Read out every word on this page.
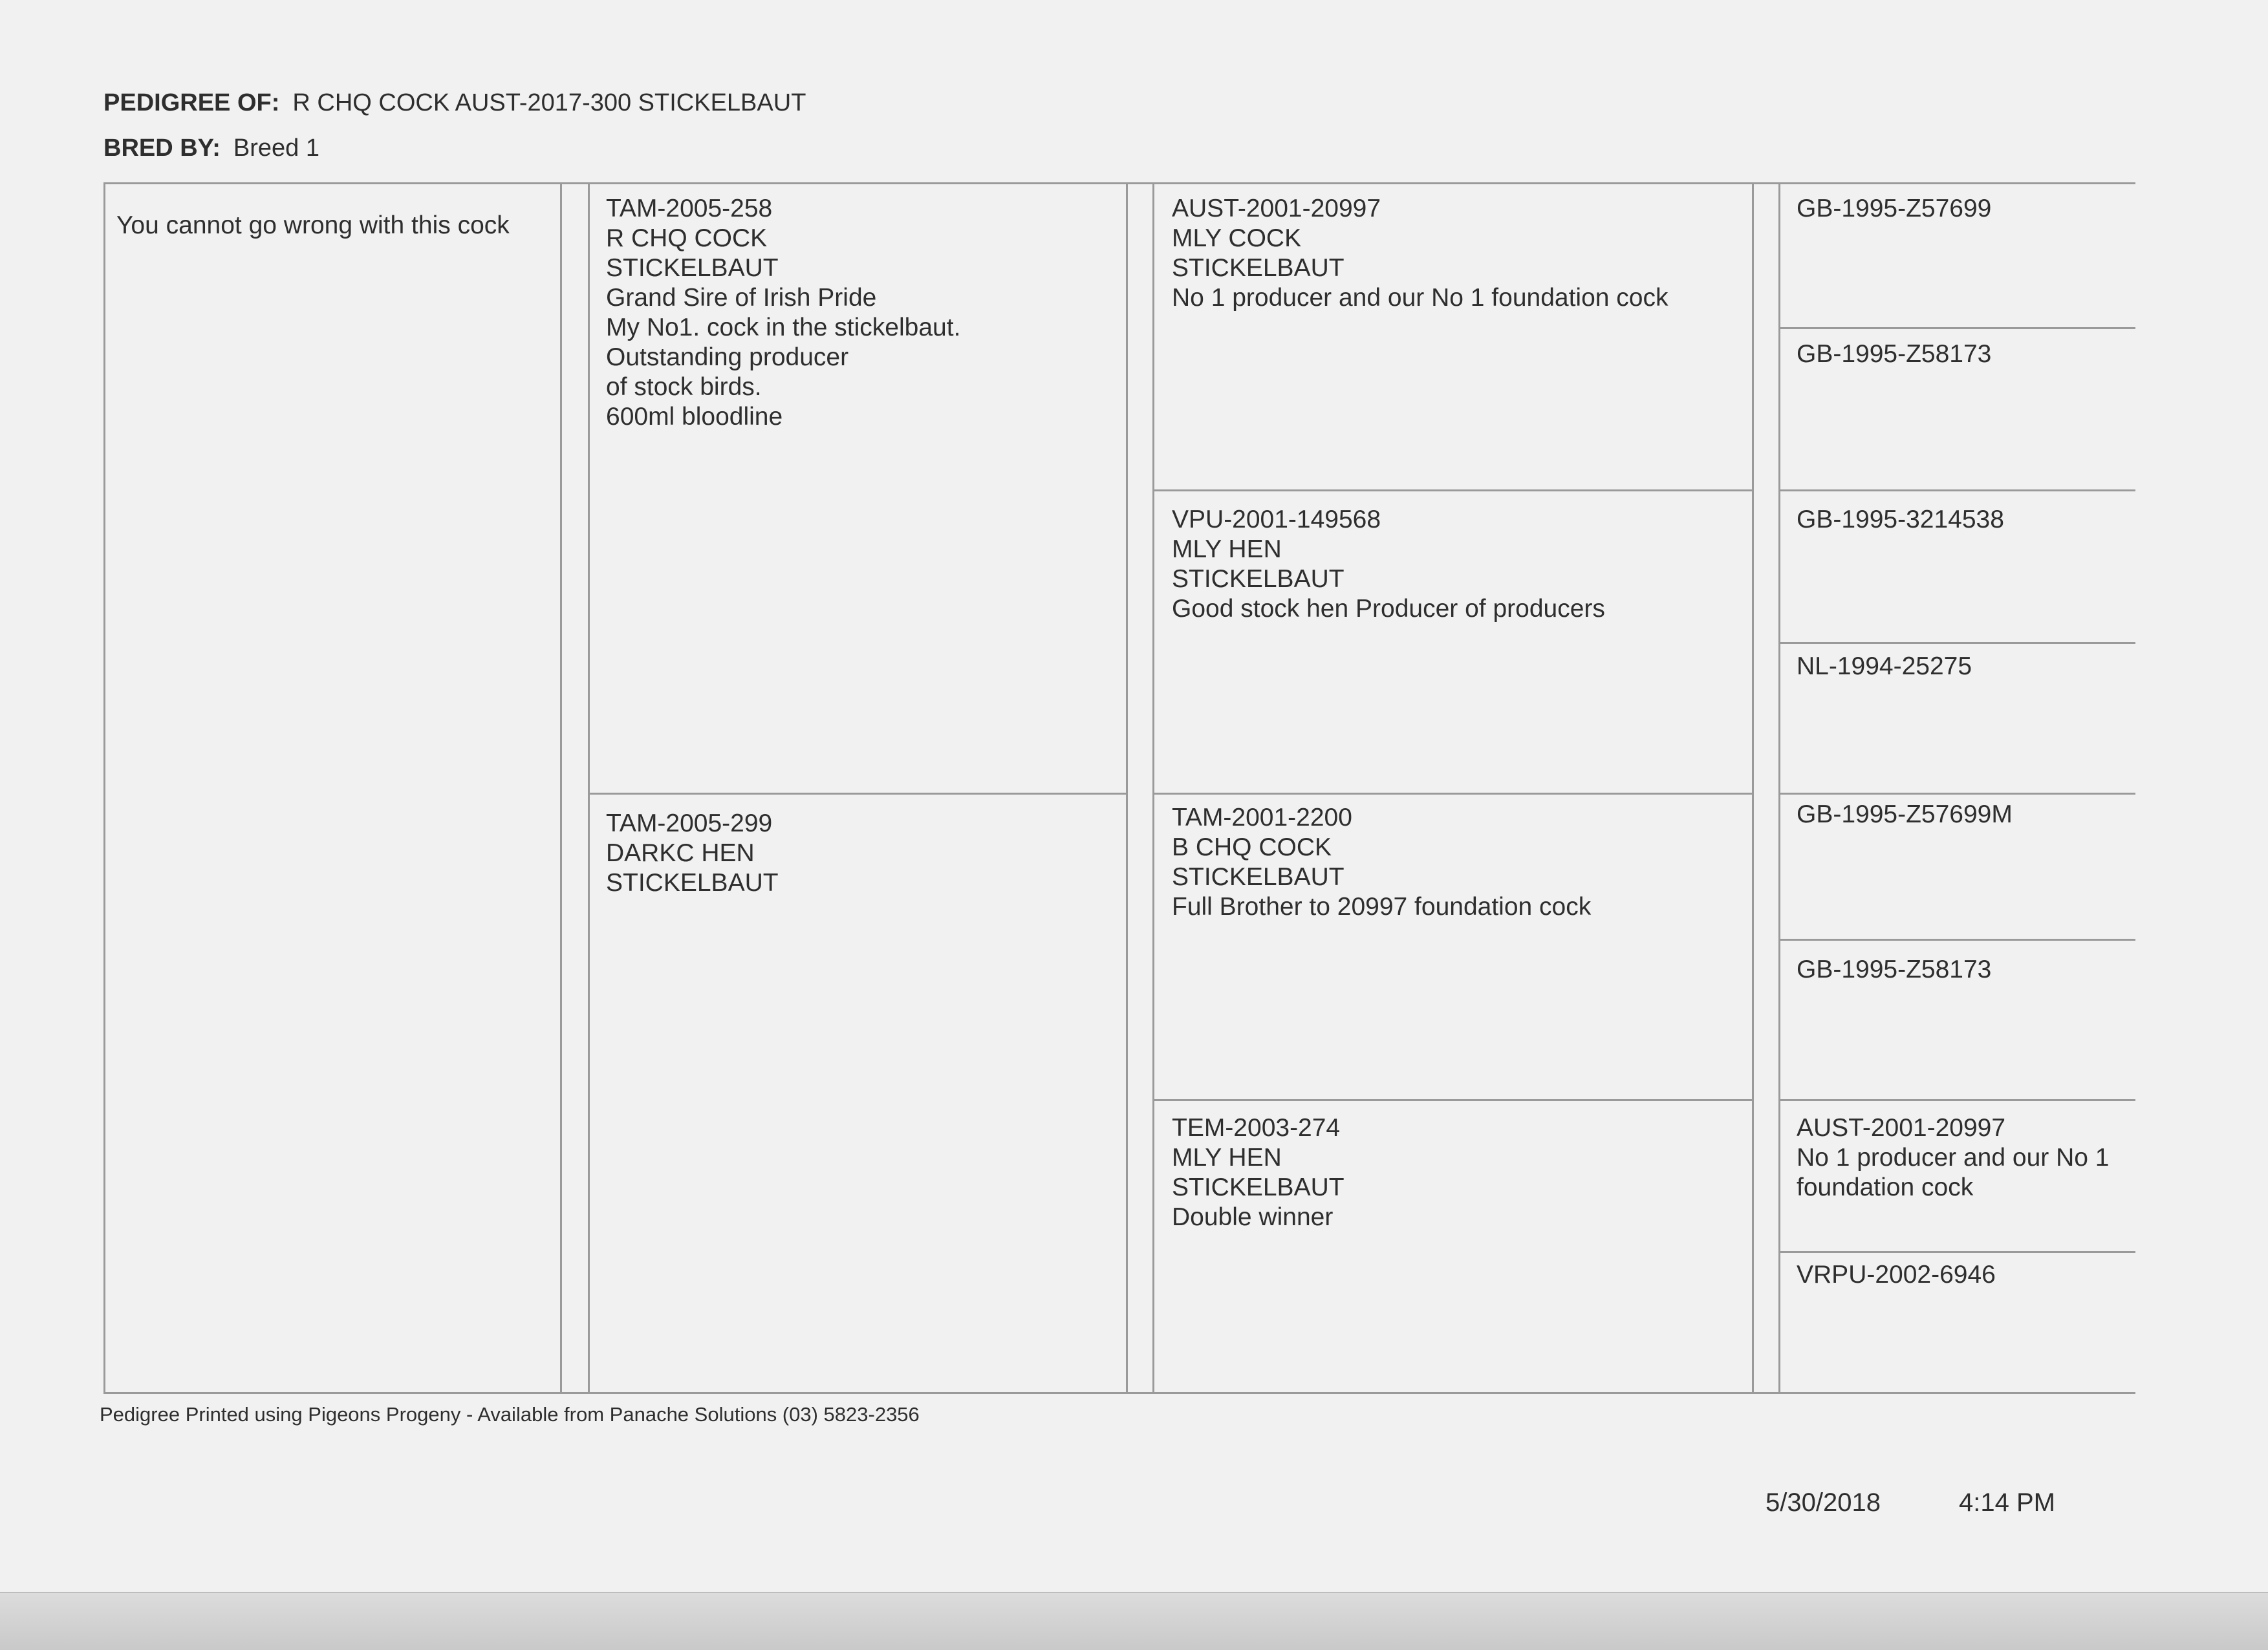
PEDIGREE OF: R CHQ COCK AUST-2017-300 STICKELBAUT
BRED BY: Breed 1
You cannot go wrong with this cock
TAM-2005-258
R CHQ COCK
STICKELBAUT
Grand Sire of Irish Pride
My No1. cock in the stickelbaut.
Outstanding producer
of stock birds.
600ml bloodline
TAM-2005-299
DARKC HEN
STICKELBAUT
AUST-2001-20997
MLY COCK
STICKELBAUT
No 1 producer and our No 1 foundation cock
VPU-2001-149568
MLY HEN
STICKELBAUT
Good stock hen Producer of producers
TAM-2001-2200
B CHQ COCK
STICKELBAUT
Full Brother to 20997 foundation cock
TEM-2003-274
MLY HEN
STICKELBAUT
Double winner
GB-1995-Z57699
GB-1995-Z58173
GB-1995-3214538
NL-1994-25275
GB-1995-Z57699M
GB-1995-Z58173
AUST-2001-20997
No 1 producer and our No 1
foundation cock
VRPU-2002-6946
Pedigree Printed using Pigeons Progeny - Available from Panache Solutions (03) 5823-2356
5/30/2018	4:14 PM
